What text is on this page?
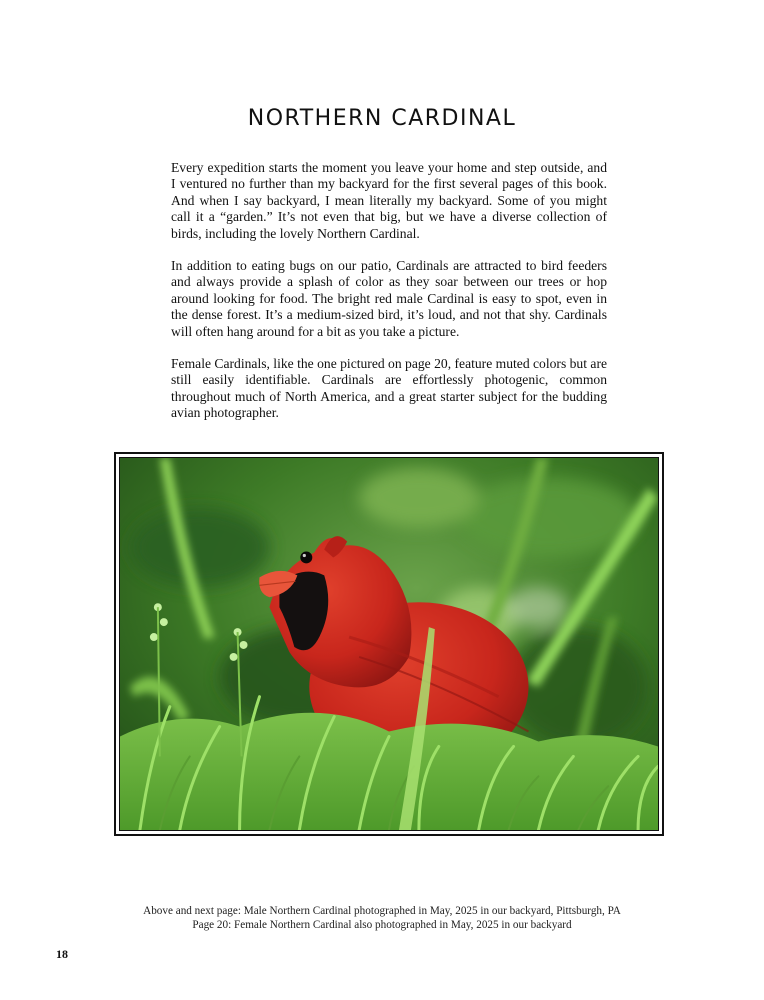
NORTHERN CARDINAL

Every expedition starts the moment you leave your home and step outside, and I ventured no further than my backyard for the first several pages of this book. And when I say backyard, I mean literally my backyard. Some of you might call it a “garden.” It’s not even that big, but we have a diverse collection of birds, including the lovely Northern Cardinal.

In addition to eating bugs on our patio, Cardinals are attracted to bird feeders and always provide a splash of color as they soar between our trees or hop around looking for food. The bright red male Cardinal is easy to spot, even in the dense forest. It’s a medium-sized bird, it’s loud, and not that shy. Cardinals will often hang around for a bit as you take a picture.

Female Cardinals, like the one pictured on page 20, feature muted colors but are still easily identifiable. Cardinals are effortlessly photogenic, common throughout much of North America, and a great starter subject for the budding avian photographer.

Above and next page: Male Northern Cardinal photographed in May, 2025 in our backyard, Pittsburgh, PA
Page 20: Female Northern Cardinal also photographed in May, 2025 in our backyard
18
